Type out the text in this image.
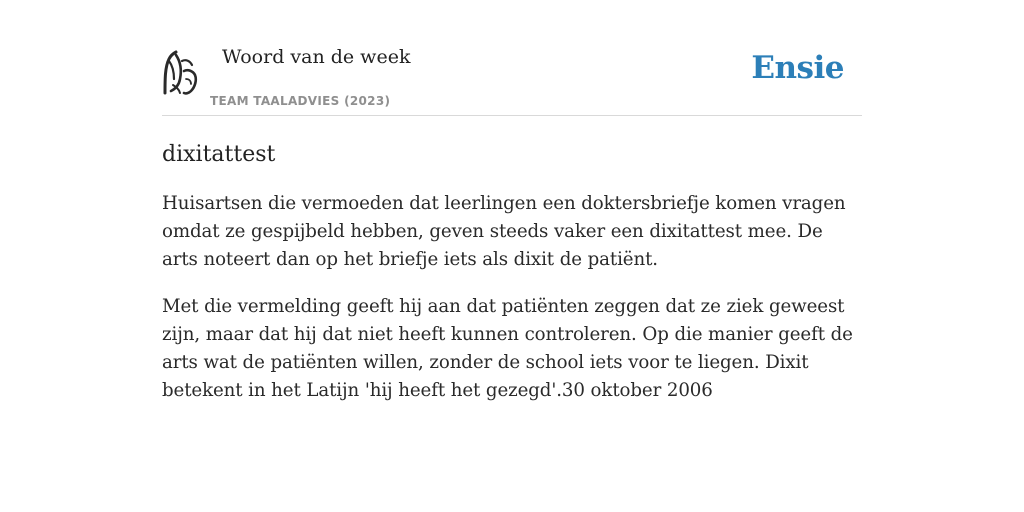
Woord van de week
TEAM TAALADVIES (2023)
Ensie
dixitattest

Huisartsen die vermoeden dat leerlingen een doktersbriefje komen vragen omdat ze gespijbeld hebben, geven steeds vaker een dixitattest mee. De arts noteert dan op het briefje iets als dixit de patiënt.

Met die vermelding geeft hij aan dat patiënten zeggen dat ze ziek geweest zijn, maar dat hij dat niet heeft kunnen controleren. Op die manier geeft de arts wat de patiënten willen, zonder de school iets voor te liegen. Dixit betekent in het Latijn 'hij heeft het gezegd'.30 oktober 2006
